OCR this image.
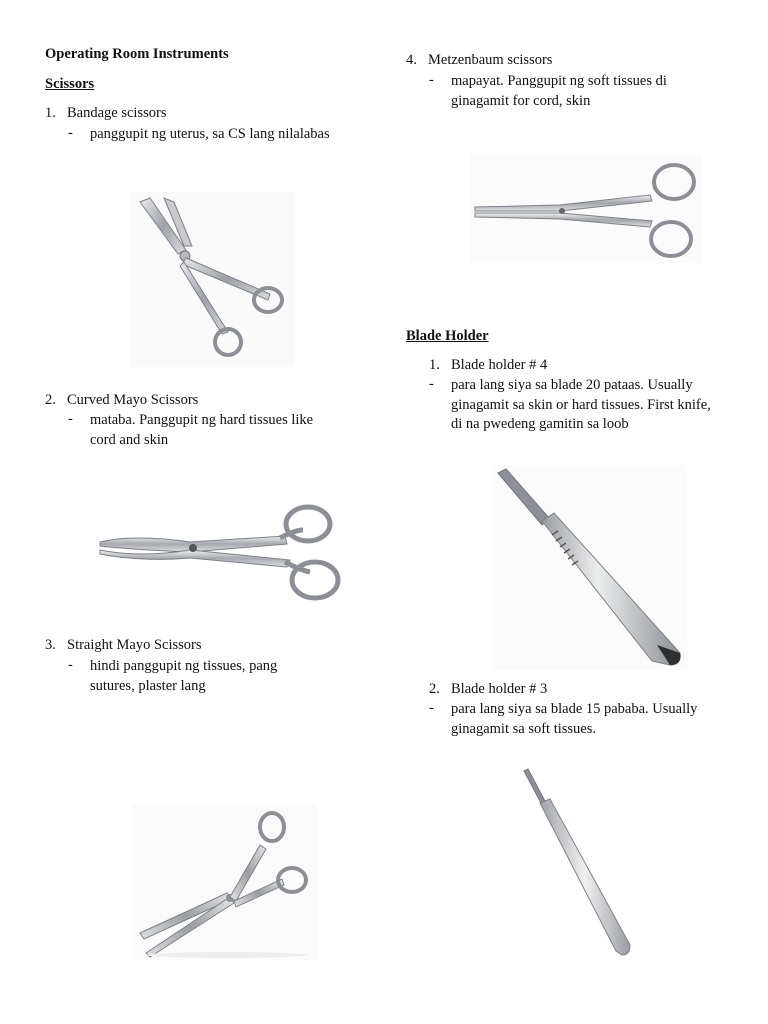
Operating Room Instruments
Scissors
1. Bandage scissors
- panggupit ng uterus, sa CS lang nilalabas
2. Curved Mayo Scissors
- mataba. Panggupit ng hard tissues like
cord and skin
3. Straight Mayo Scissors
- hindi panggupit ng tissues, pang
sutures, plaster lang
4. Metzenbaum scissors
- mapayat. Panggupit ng soft tissues di
ginagamit for cord, skin
Blade Holder
1. Blade holder # 4
- para lang siya sa blade 20 pataas. Usually
ginagamit sa skin or hard tissues. First knife,
di na pwedeng gamitin sa loob
2. Blade holder # 3
- para lang siya sa blade 15 pababa. Usually
ginagamit sa soft tissues.
